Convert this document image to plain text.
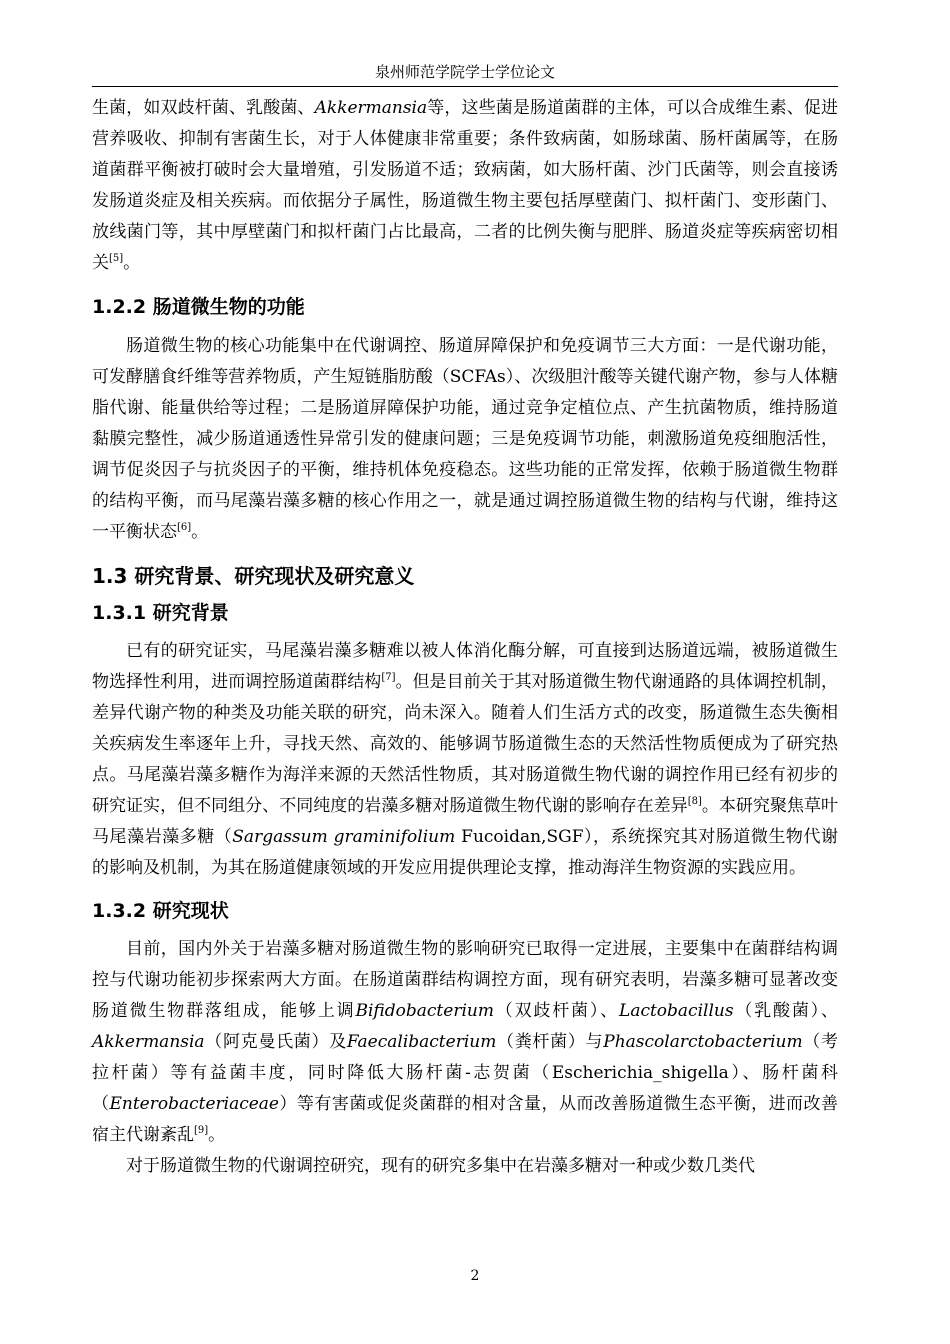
泉州师范学院学士学位论文

生菌，如双歧杆菌、乳酸菌、Akkermansia等，这些菌是肠道菌群的主体，可以合成维生素、促进营养吸收、抑制有害菌生长，对于人体健康非常重要；条件致病菌，如肠球菌、肠杆菌属等，在肠道菌群平衡被打破时会大量增殖，引发肠道不适；致病菌，如大肠杆菌、沙门氏菌等，则会直接诱发肠道炎症及相关疾病。而依据分子属性，肠道微生物主要包括厚壁菌门、拟杆菌门、变形菌门、放线菌门等，其中厚壁菌门和拟杆菌门占比最高，二者的比例失衡与肥胖、肠道炎症等疾病密切相关[5]。

1.2.2 肠道微生物的功能

肠道微生物的核心功能集中在代谢调控、肠道屏障保护和免疫调节三大方面：一是代谢功能，可发酵膳食纤维等营养物质，产生短链脂肪酸（SCFAs）、次级胆汁酸等关键代谢产物，参与人体糖脂代谢、能量供给等过程；二是肠道屏障保护功能，通过竞争定植位点、产生抗菌物质，维持肠道黏膜完整性，减少肠道通透性异常引发的健康问题；三是免疫调节功能，刺激肠道免疫细胞活性，调节促炎因子与抗炎因子的平衡，维持机体免疫稳态。这些功能的正常发挥，依赖于肠道微生物群的结构平衡，而马尾藻岩藻多糖的核心作用之一，就是通过调控肠道微生物的结构与代谢，维持这一平衡状态[6]。

1.3 研究背景、研究现状及研究意义
1.3.1 研究背景

已有的研究证实，马尾藻岩藻多糖难以被人体消化酶分解，可直接到达肠道远端，被肠道微生物选择性利用，进而调控肠道菌群结构[7]。但是目前关于其对肠道微生物代谢通路的具体调控机制，差异代谢产物的种类及功能关联的研究，尚未深入。随着人们生活方式的改变，肠道微生态失衡相关疾病发生率逐年上升，寻找天然、高效的、能够调节肠道微生态的天然活性物质便成为了研究热点。马尾藻岩藻多糖作为海洋来源的天然活性物质，其对肠道微生物代谢的调控作用已经有初步的研究证实，但不同组分、不同纯度的岩藻多糖对肠道微生物代谢的影响存在差异[8]。本研究聚焦草叶马尾藻岩藻多糖（Sargassum graminifolium Fucoidan,SGF），系统探究其对肠道微生物代谢的影响及机制，为其在肠道健康领域的开发应用提供理论支撑，推动海洋生物资源的实践应用。

1.3.2 研究现状

目前，国内外关于岩藻多糖对肠道微生物的影响研究已取得一定进展，主要集中在菌群结构调控与代谢功能初步探索两大方面。在肠道菌群结构调控方面，现有研究表明，岩藻多糖可显著改变肠道微生物群落组成，能够上调Bifidobacterium（双歧杆菌）、Lactobacillus（乳酸菌）、Akkermansia（阿克曼氏菌）及Faecalibacterium（粪杆菌）与Phascolarctobacterium（考拉杆菌）等有益菌丰度，同时降低大肠杆菌-志贺菌（Escherichia_shigella）、肠杆菌科（Enterobacteriaceae）等有害菌或促炎菌群的相对含量，从而改善肠道微生态平衡，进而改善宿主代谢紊乱[9]。

对于肠道微生物的代谢调控研究，现有的研究多集中在岩藻多糖对一种或少数几类代

2
